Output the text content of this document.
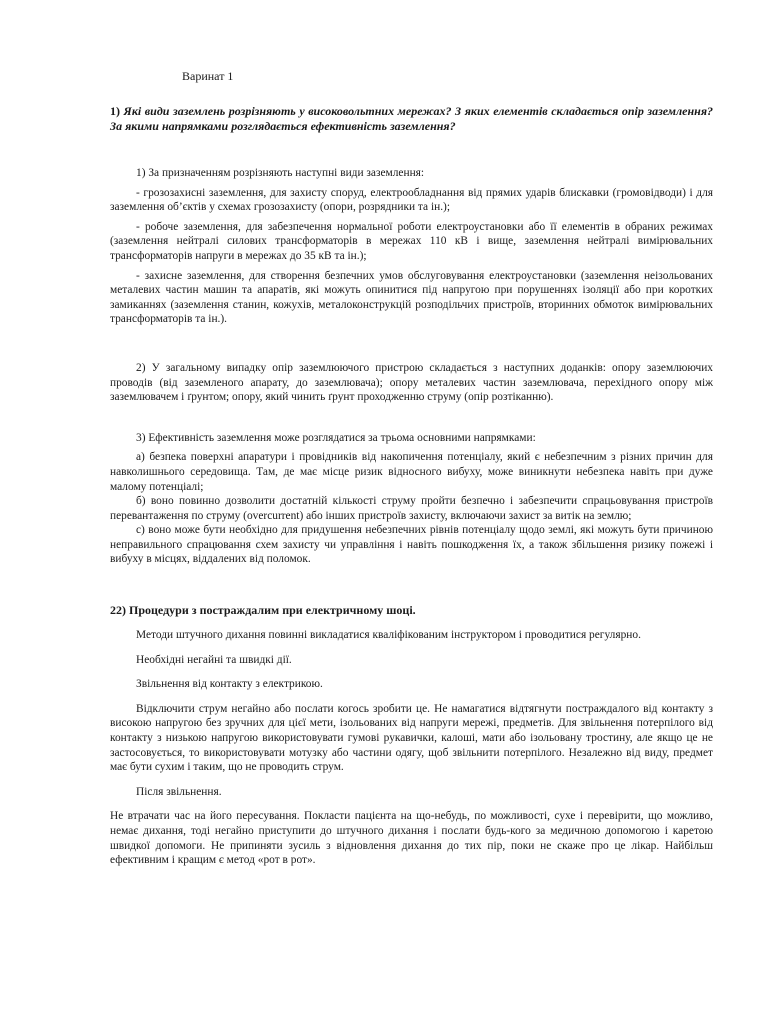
Варинат 1
1) Які види заземлень розрізняють у високовольтних мережах? З яких елементів складається опір заземлення? За якими напрямками розглядається ефективність заземлення?

1) За призначенням розрізняють наступні види заземлення:

- грозозахисні заземлення, для захисту споруд, електрообладнання від прямих ударів блискавки (громовідводи) і для заземлення об’єктів у схемах грозозахисту (опори, розрядники та ін.);

- робоче заземлення, для забезпечення нормальної роботи електроустановки або її елементів в обраних режимах (заземлення нейтралі силових трансформаторів в мережах 110 кВ і вище, заземлення нейтралі вимірювальних трансформаторів напруги в мережах до 35 кВ та ін.);

- захисне заземлення, для створення безпечних умов обслуговування електроустановки (заземлення неізольованих металевих частин машин та апаратів, які можуть опинитися під напругою при порушеннях ізоляції або при коротких замиканнях (заземлення станин, кожухів, металоконструкцій розподільчих пристроїв, вторинних обмоток вимірювальних трансформаторів та ін.).

2) У загальному випадку опір заземлюючого пристрою складається з наступних доданків: опору заземлюючих проводів (від заземленого апарату, до заземлювача); опору металевих частин заземлювача, перехідного опору між заземлювачем і ґрунтом; опору, який чинить ґрунт проходженню струму (опір розтіканню).

3) Ефективність заземлення може розглядатися за трьома основними напрямками:

а) безпека поверхні апаратури і провідників від накопичення потенціалу, який є небезпечним з різних причин для навколишнього середовища. Там, де має місце ризик відносного вибуху, може виникнути небезпека навіть при дуже малому потенціалі;

б) воно повинно дозволити достатній кількості струму пройти безпечно і забезпечити спрацьовування пристроїв перевантаження по струму (overcurrent) або інших пристроїв захисту, включаючи захист за витік на землю;

с) воно може бути необхідно для придушення небезпечних рівнів потенціалу щодо землі, які можуть бути причиною неправильного спрацювання схем захисту чи управління і навіть пошкодження їх, а також збільшення ризику пожежі і вибуху в місцях, віддалених від поломок.

22) Процедури з постраждалим при електричному шоці.

Методи штучного дихання повинні викладатися кваліфікованим інструктором і проводитися регулярно.

Необхідні негайні та швидкі дії.

Звільнення від контакту з електрикою.

Відключити струм негайно або послати когось зробити це. Не намагатися відтягнути постраждалого від контакту з високою напругою без зручних для цієї мети, ізольованих від напруги мережі, предметів. Для звільнення потерпілого від контакту з низькою напругою використовувати гумові рукавички, калоші, мати або ізольовану тростину, але якщо це не застосовується, то використовувати мотузку або частини одягу, щоб звільнити потерпілого. Незалежно від виду, предмет має бути сухим і таким, що не проводить струм.

Після звільнення.

Не втрачати час на його пересування. Покласти пацієнта на що-небудь, по можливості, сухе і перевірити, що можливо, немає дихання, тоді негайно приступити до штучного дихання і послати будь-кого за медичною допомогою і каретою швидкої допомоги. Не припиняти зусиль з відновлення дихання до тих пір, поки не скаже про це лікар. Найбільш ефективним і кращим є метод «рот в рот».
